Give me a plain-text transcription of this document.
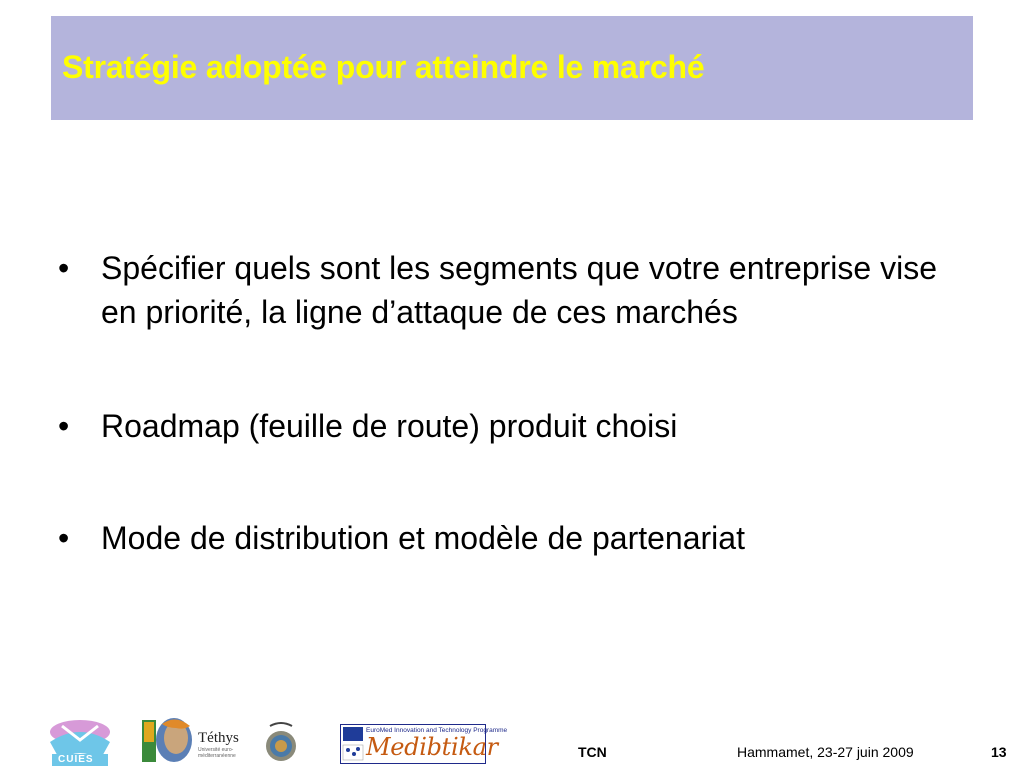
Stratégie adoptée pour atteindre le marché
• Spécifier quels sont les segments que votre entreprise vise en priorité, la ligne d’attaque de ces marchés
• Roadmap (feuille de route) produit choisi
• Mode de distribution et modèle de partenariat
CUIES
Téthys
Université euro-méditerranéenne
EuroMed Innovation and Technology Programme
Medibtikar	TCN	Hammamet, 23-27 juin 2009	13
